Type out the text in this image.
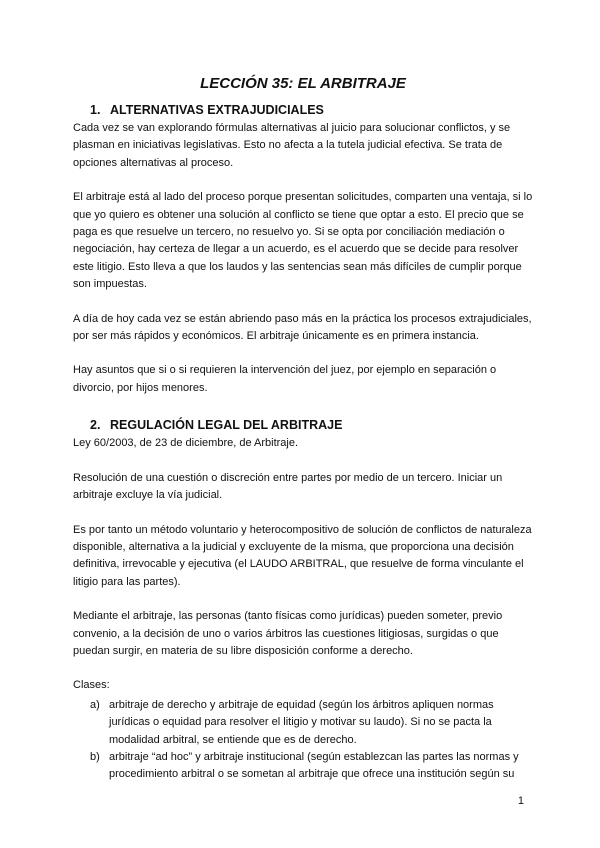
LECCIÓN 35: EL ARBITRAJE
1. ALTERNATIVAS EXTRAJUDICIALES

Cada vez se van explorando fórmulas alternativas al juicio para solucionar conflictos, y se plasman en iniciativas legislativas. Esto no afecta a la tutela judicial efectiva. Se trata de opciones alternativas al proceso.

El arbitraje está al lado del proceso porque presentan solicitudes, comparten una ventaja, si lo que yo quiero es obtener una solución al conflicto se tiene que optar a esto. El precio que se paga es que resuelve un tercero, no resuelvo yo. Si se opta por conciliación mediación o negociación, hay certeza de llegar a un acuerdo, es el acuerdo que se decide para resolver este litigio. Esto lleva a que los laudos y las sentencias sean más difíciles de cumplir porque son impuestas.

A día de hoy cada vez se están abriendo paso más en la práctica los procesos extrajudiciales, por ser más rápidos y económicos. El arbitraje únicamente es en primera instancia.

Hay asuntos que si o si requieren la intervención del juez, por ejemplo en separación o divorcio, por hijos menores.

2. REGULACIÓN LEGAL DEL ARBITRAJE

Ley 60/2003, de 23 de diciembre, de Arbitraje.

Resolución de una cuestión o discreción entre partes por medio de un tercero. Iniciar un arbitraje excluye la vía judicial.

Es por tanto un método voluntario y heterocompositivo de solución de conflictos de naturaleza disponible, alternativa a la judicial y excluyente de la misma, que proporciona una decisión definitiva, irrevocable y ejecutiva (el LAUDO ARBITRAL, que resuelve de forma vinculante el litigio para las partes).

Mediante el arbitraje, las personas (tanto físicas como jurídicas) pueden someter, previo convenio, a la decisión de uno o varios árbitros las cuestiones litigiosas, surgidas o que puedan surgir, en materia de su libre disposición conforme a derecho.

Clases:

a) arbitraje de derecho y arbitraje de equidad (según los árbitros apliquen normas jurídicas o equidad para resolver el litigio y motivar su laudo). Si no se pacta la modalidad arbitral, se entiende que es de derecho.
b) arbitraje “ad hoc” y arbitraje institucional (según establezcan las partes las normas y procedimiento arbitral o se sometan al arbitraje que ofrece una institución según su
1
